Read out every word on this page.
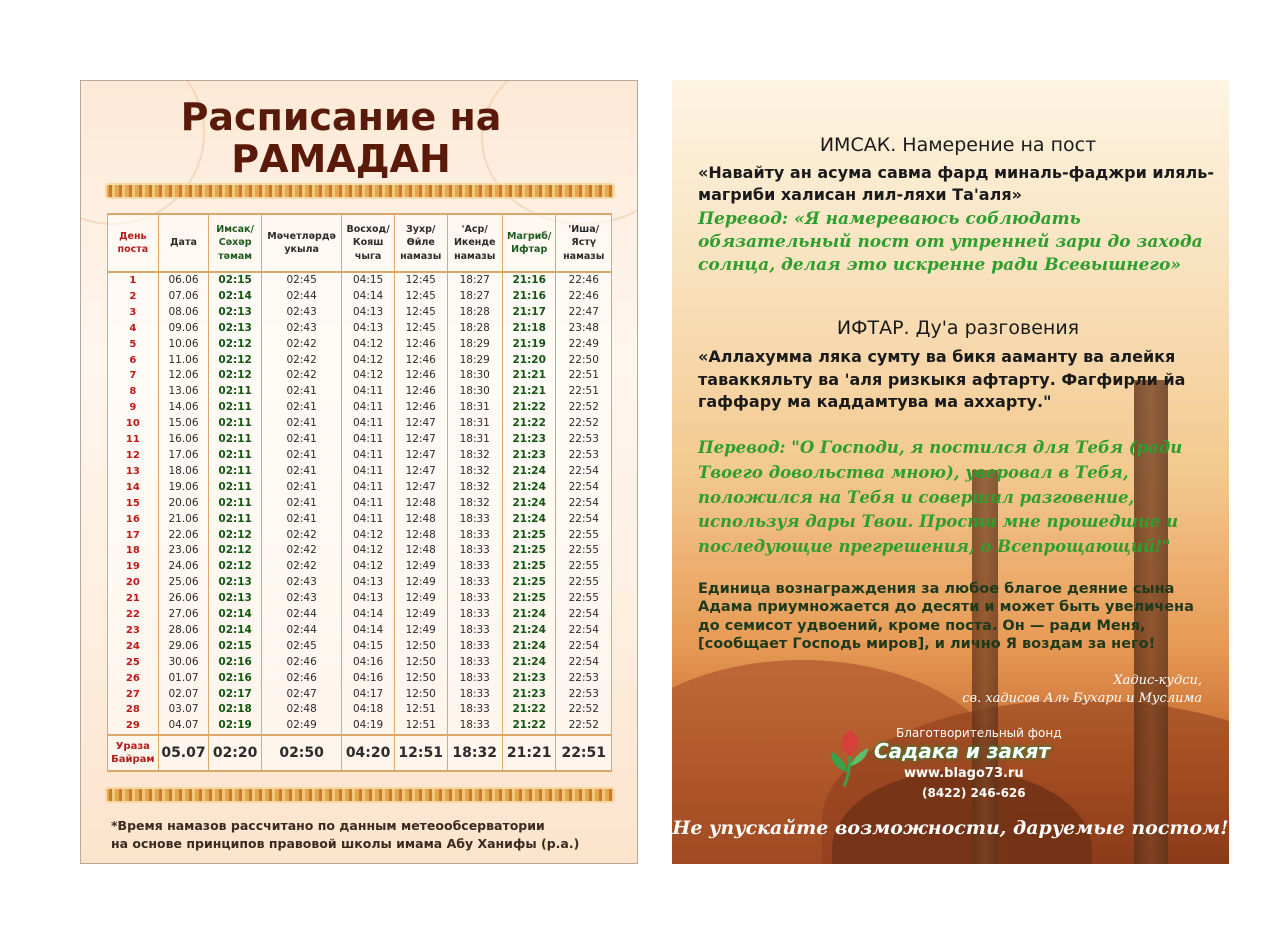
Расписание на
РАМАДАН
День поста	Дата	Имсак/ Сәхәр тәмам	Мәчетләрдә укыла	Восход/ Кояш чыга	Зухр/ Өйле намазы	'Аср/ Икенде намазы	Магриб/ Ифтар	'Иша/ Ястү намазы
1	06.06	02:15	02:45	04:15	12:45	18:27	21:16	22:46
2	07.06	02:14	02:44	04:14	12:45	18:27	21:16	22:46
3	08.06	02:13	02:43	04:13	12:45	18:28	21:17	22:47
4	09.06	02:13	02:43	04:13	12:45	18:28	21:18	23:48
5	10.06	02:12	02:42	04:12	12:46	18:29	21:19	22:49
6	11.06	02:12	02:42	04:12	12:46	18:29	21:20	22:50
7	12.06	02:12	02:42	04:12	12:46	18:30	21:21	22:51
8	13.06	02:11	02:41	04:11	12:46	18:30	21:21	22:51
9	14.06	02:11	02:41	04:11	12:46	18:31	21:22	22:52
10	15.06	02:11	02:41	04:11	12:47	18:31	21:22	22:52
11	16.06	02:11	02:41	04:11	12:47	18:31	21:23	22:53
12	17.06	02:11	02:41	04:11	12:47	18:32	21:23	22:53
13	18.06	02:11	02:41	04:11	12:47	18:32	21:24	22:54
14	19.06	02:11	02:41	04:11	12:47	18:32	21:24	22:54
15	20.06	02:11	02:41	04:11	12:48	18:32	21:24	22:54
16	21.06	02:11	02:41	04:11	12:48	18:33	21:24	22:54
17	22.06	02:12	02:42	04:12	12:48	18:33	21:25	22:55
18	23.06	02:12	02:42	04:12	12:48	18:33	21:25	22:55
19	24.06	02:12	02:42	04:12	12:49	18:33	21:25	22:55
20	25.06	02:13	02:43	04:13	12:49	18:33	21:25	22:55
21	26.06	02:13	02:43	04:13	12:49	18:33	21:25	22:55
22	27.06	02:14	02:44	04:14	12:49	18:33	21:24	22:54
23	28.06	02:14	02:44	04:14	12:49	18:33	21:24	22:54
24	29.06	02:15	02:45	04:15	12:50	18:33	21:24	22:54
25	30.06	02:16	02:46	04:16	12:50	18:33	21:24	22:54
26	01.07	02:16	02:46	04:16	12:50	18:33	21:23	22:53
27	02.07	02:17	02:47	04:17	12:50	18:33	21:23	22:53
28	03.07	02:18	02:48	04:18	12:51	18:33	21:22	22:52
29	04.07	02:19	02:49	04:19	12:51	18:33	21:22	22:52
Ураза Байрам	05.07	02:20	02:50	04:20	12:51	18:32	21:21	22:51
*Время намазов рассчитано по данным метеообсерватории
на основе принципов правовой школы имама Абу Ханифы (р.а.)
ИМСАК. Намерение на пост
«Навайту ан асума савма фард миналь-фаджри иляль-магриби халисан лил-ляхи Та'аля»
Перевод: «Я намереваюсь соблюдать обязательный пост от утренней зари до захода солнца, делая это искренне ради Всевышнего»
ИФТАР. Ду'а разговения
«Аллахумма ляка сумту ва бикя ааманту ва алейкя таваккяльту ва 'аля ризкыкя афтарту. Фагфирли йа гаффару ма каддамтува ма аххарту."
Перевод: "О Господи, я постился для Тебя (ради Твоего довольства мною), уверовал в Тебя, положился на Тебя и совершил разговение, используя дары Твои. Прости мне прошедшие и последующие прегрешения, о Всепрощающий!"
Единица вознаграждения за любое благое деяние сына Адама приумножается до десяти и может быть увеличена до семисот удвоений, кроме поста. Он — ради Меня, [сообщает Господь миров], и лично Я воздам за него!
Хадис-кудси,
св. хадисов Аль Бухари и Муслима
Благотворительный фонд
Садака и закят
www.blago73.ru
(8422) 246-626
Не упускайте возможности, даруемые постом!
